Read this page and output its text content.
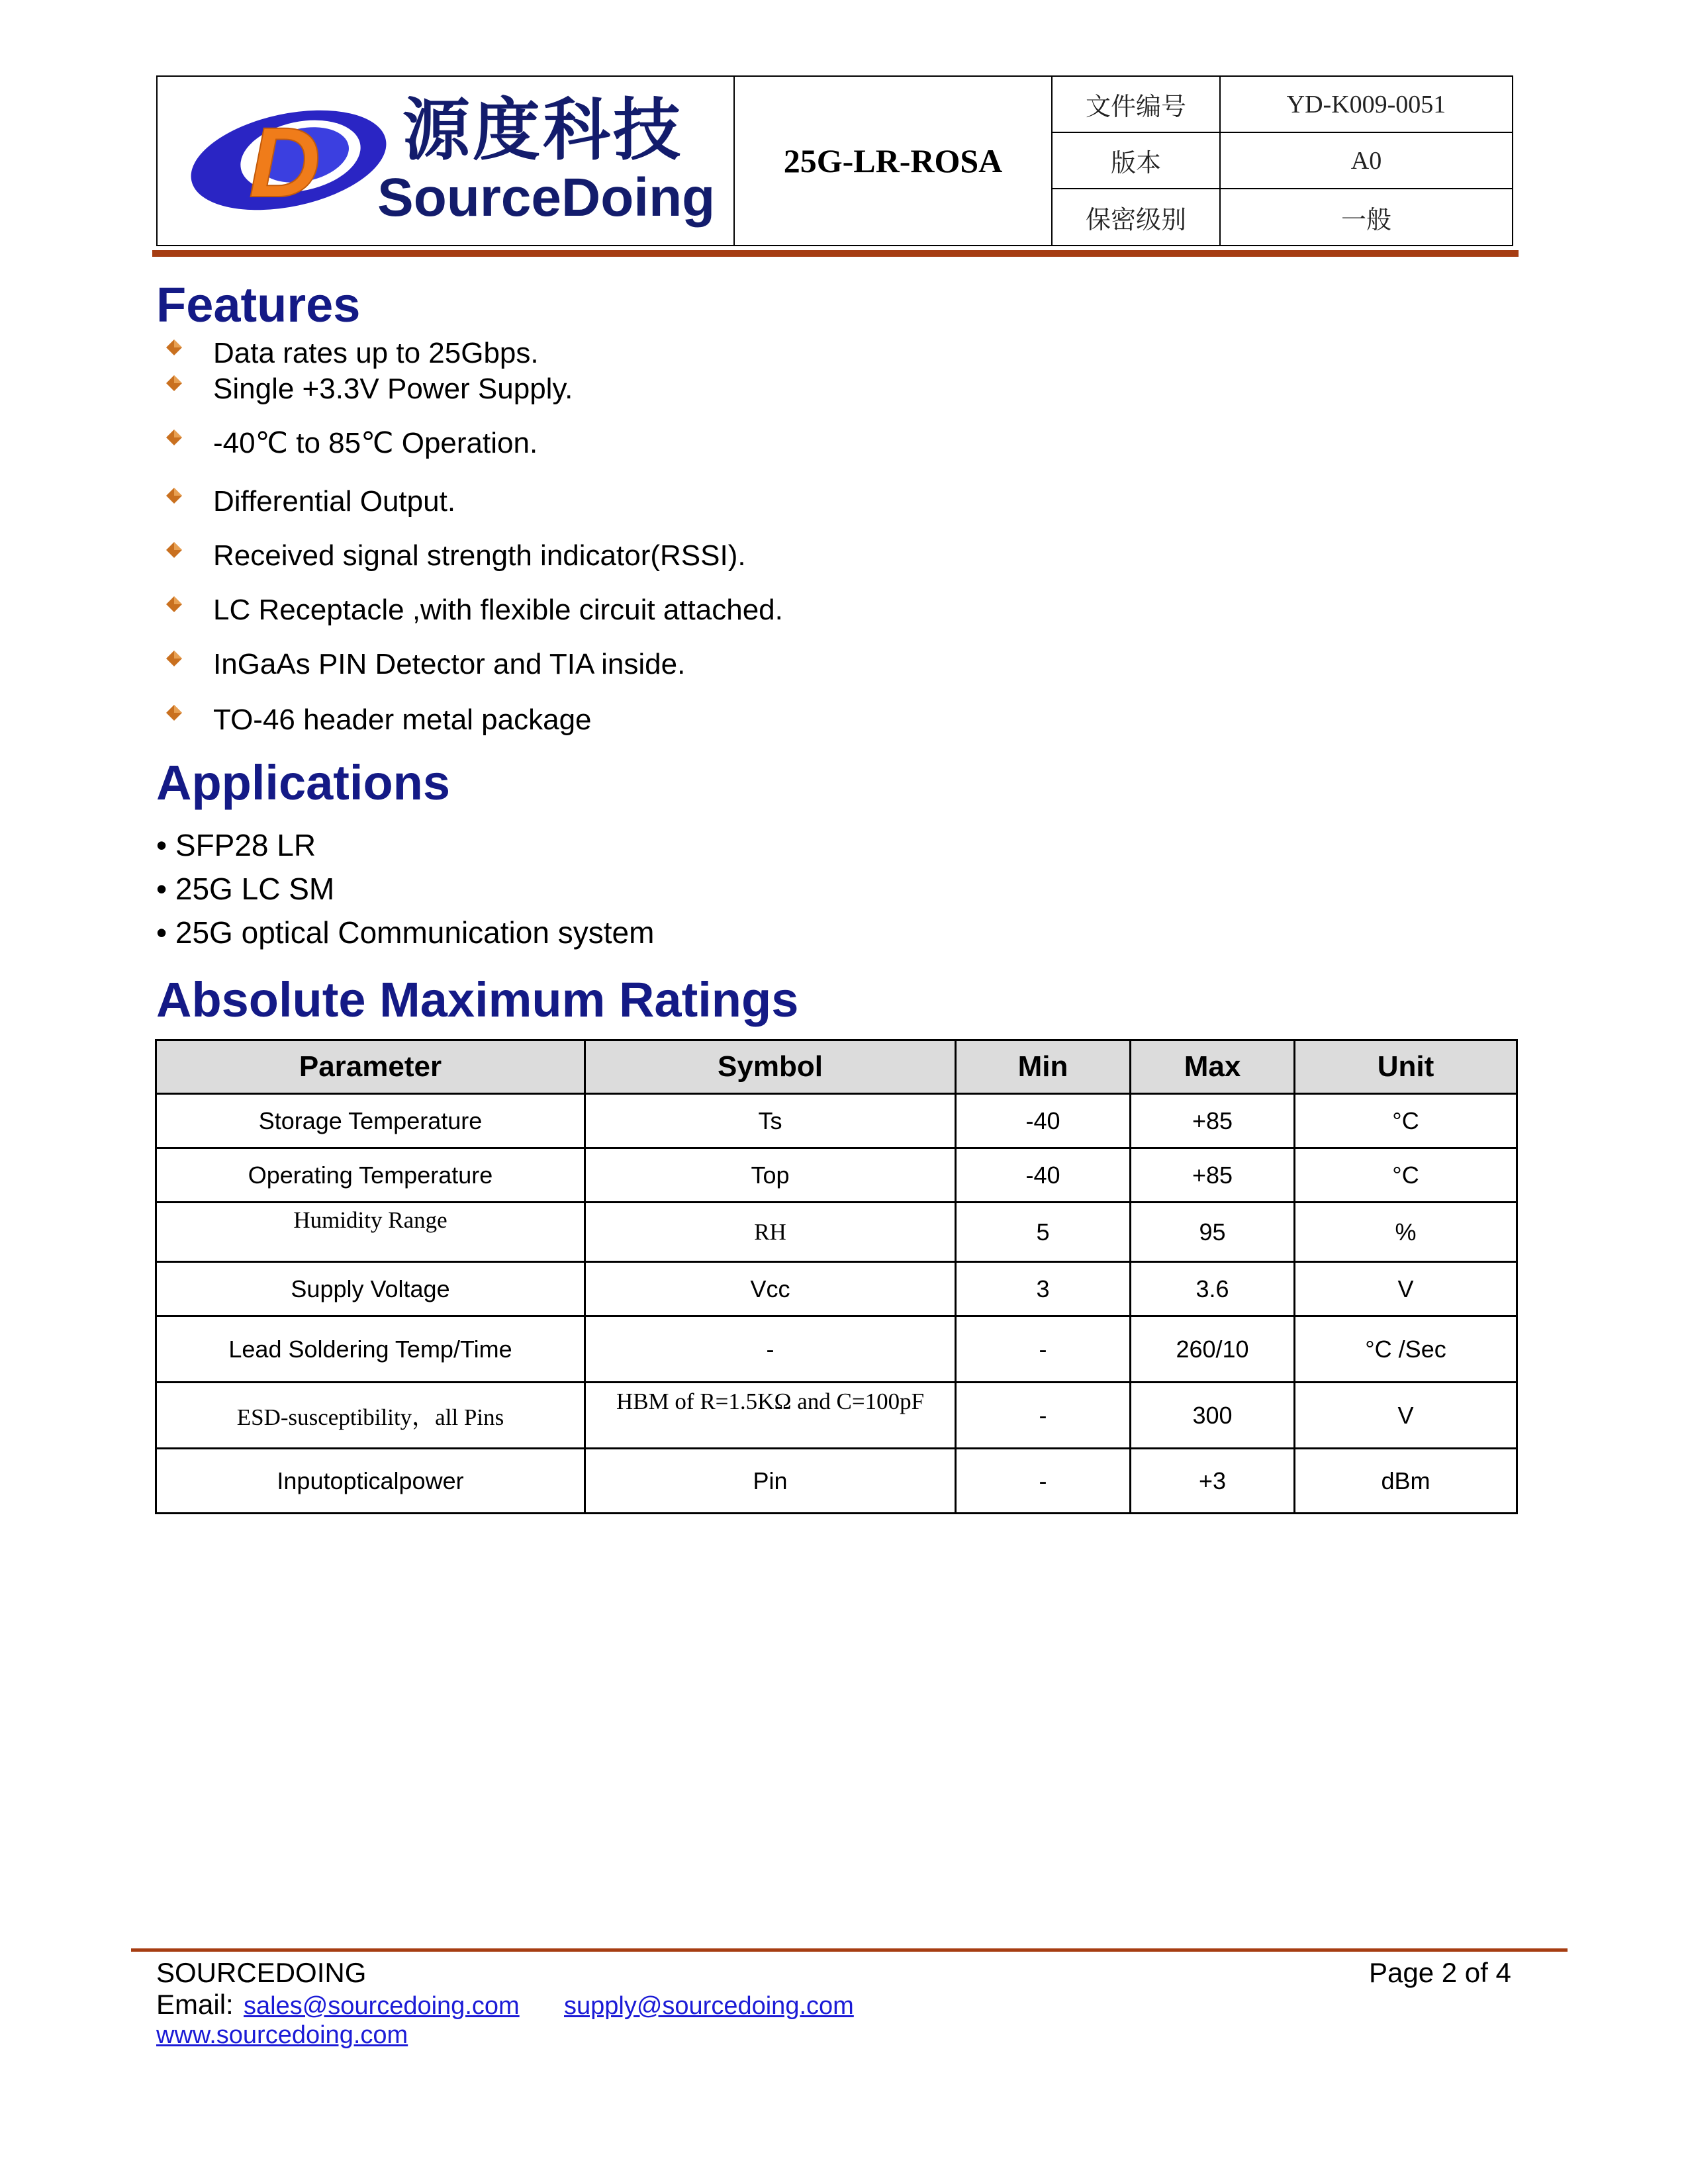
25G-LR-ROSA
文件编号	YD-K009-0051
版本	A0
保密级别	一般
D 源度科技
SourceDoing
Features
Data rates up to 25Gbps.
Single +3.3V Power Supply.
-40℃ to 85℃ Operation.
Differential Output.
Received signal strength indicator(RSSI).
LC Receptacle ,with flexible circuit attached.
InGaAs PIN Detector and TIA inside.
TO-46 header metal package
Applications
• SFP28 LR
• 25G LC SM
• 25G optical Communication system
Absolute Maximum Ratings
Parameter	Symbol	Min	Max	Unit
Storage Temperature	Ts	-40	+85	°C
Operating Temperature	Top	-40	+85	°C
Humidity Range	RH	5	95	%
Supply Voltage	Vcc	3	3.6	V
Lead Soldering Temp/Time	-	-	260/10	°C /Sec
ESD-susceptibility，all Pins	HBM of R=1.5KΩ and C=100pF	-	300	V
Inputopticalpower	Pin	-	+3	dBm
SOURCEDOING	Page 2 of 4
Email: sales@sourcedoing.com supply@sourcedoing.com
www.sourcedoing.com
